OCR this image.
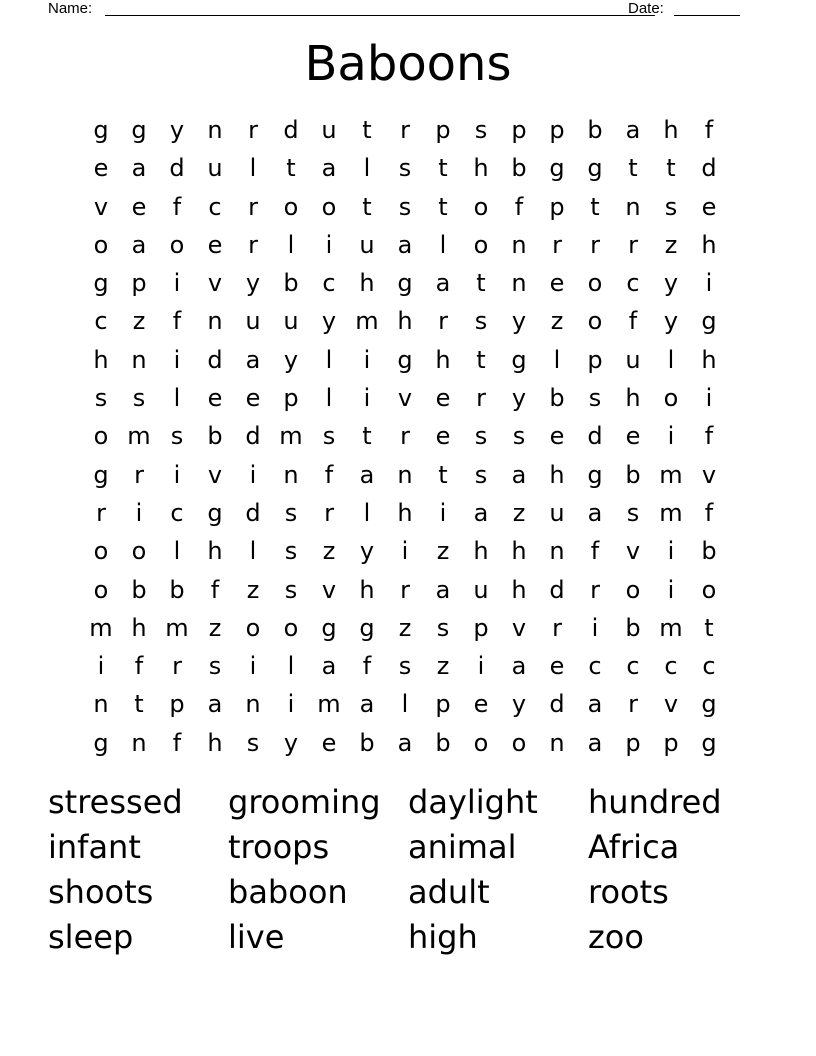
Name:	Date:
Baboons
g g y n	r	d u	t	r	p	s	p p b a h	f
e a d u	l	t	a	l	s	t	h b g g	t	t	d
v e	f	c	r	o o	t	s	t	o	f	p	t	n	s	e
o a o e	r	l	i	u a	l	o n	r	r	r	z	h
g p	i	v y b c h g a	t	n e o	c	y	i
c	z	f	n u u y m h	r	s	y	z	o	f	y g
h n	i	d a y	l	i	g h	t	g	l	p u	l	h
s	s	l	e e p	l	i	v e	r	y b	s	h o	i
o m s	b d m s	t	r	e	s	s	e d e	i	f
g	r	i	v	i	n	f	a n	t	s	a h g b m v
r	i	c g d	s	r	l	h	i	a	z	u a	s m f
o o	l	h	l	s	z	y	i	z	h h n	f	v	i	b
o b b	f	z	s	v h	r	a u h d	r	o	i	o
m h m z	o o g g	z	s	p v	r	i	b m t
i	f	r	s	i	l	a	f	s	z	i	a e	c	c	c	c
n	t	p a n	i m a	l	p e y d a	r	v g
g n	f	h	s	y e b a b o o n a p p g
stressed	grooming daylight	hundred
infant	troops	animal	Africa
shoots	baboon	adult	roots
sleep	live	high	zoo
